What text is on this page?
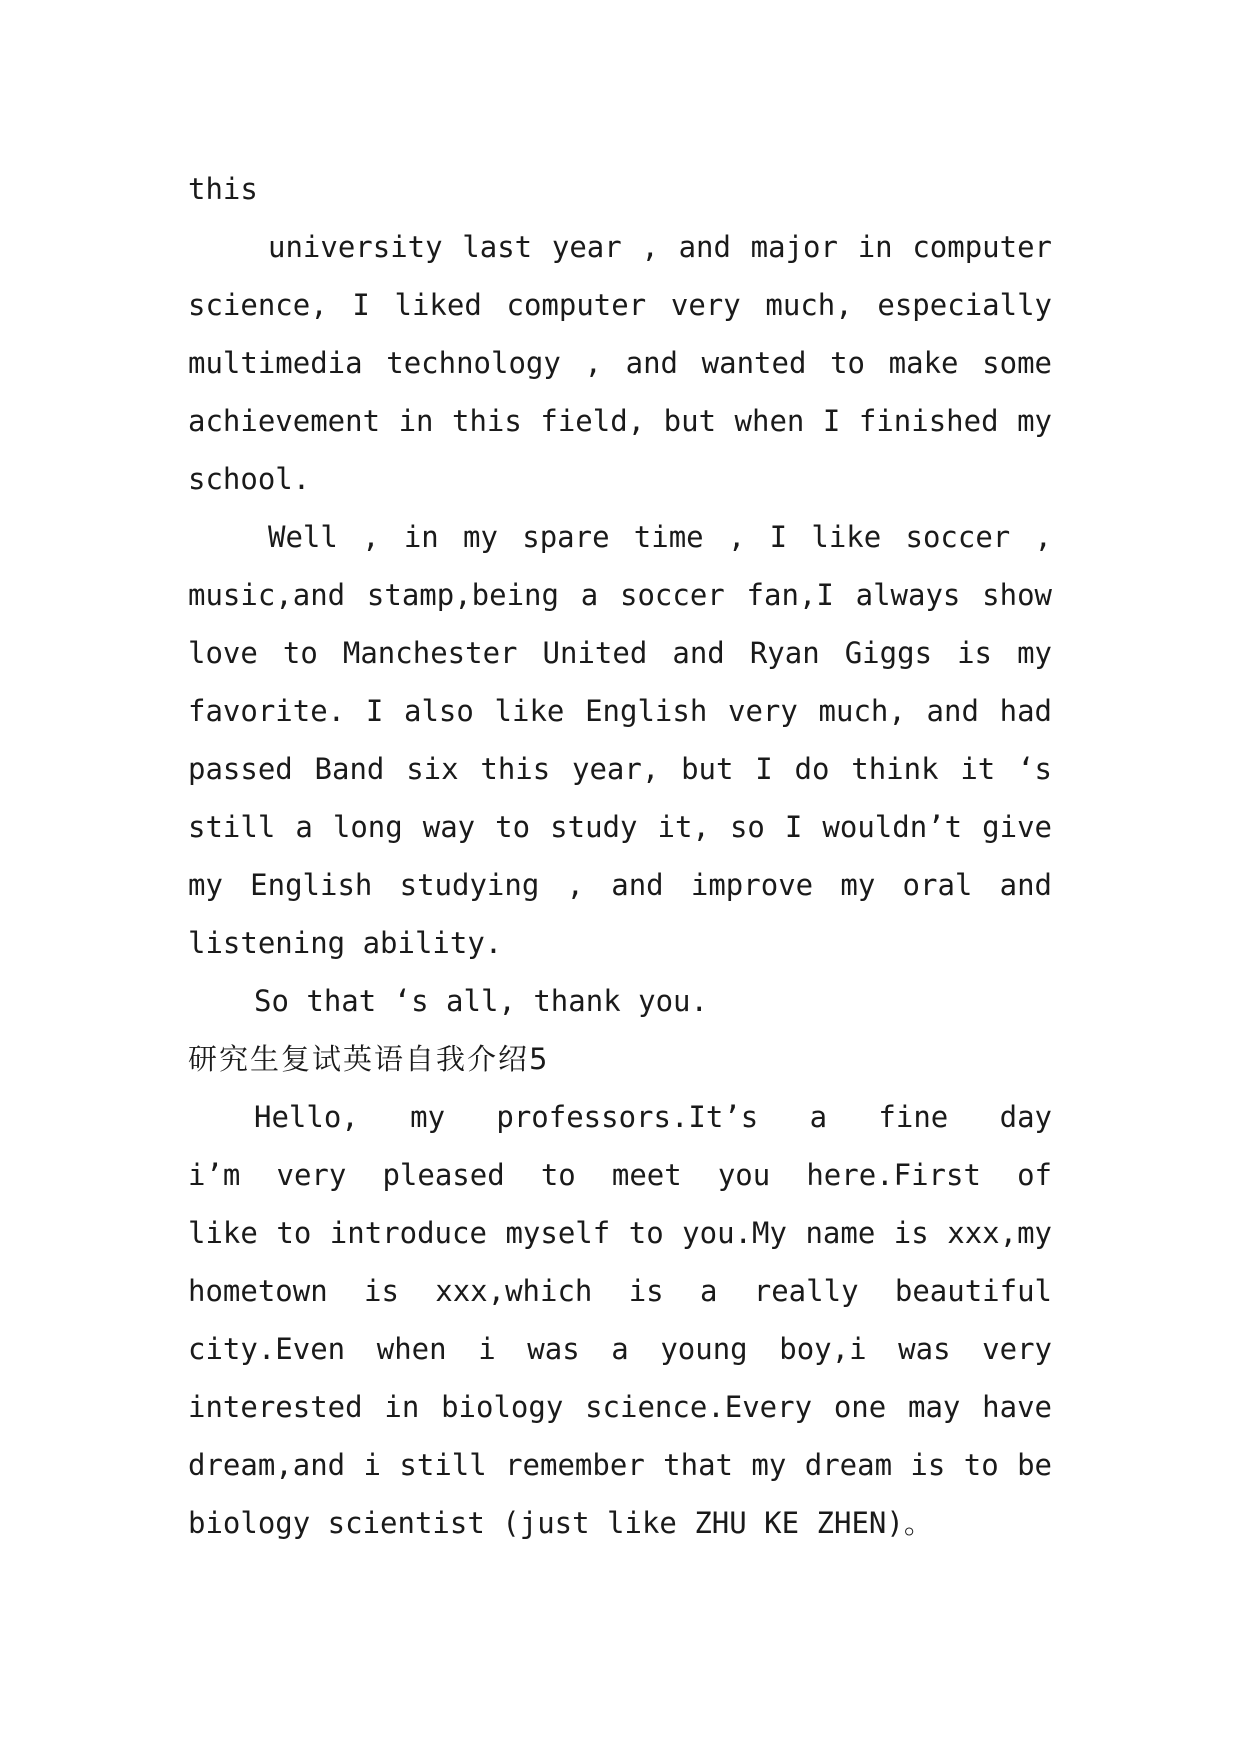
this
university last year , and major in computer
science, I liked computer very much, especially
multimedia technology , and wanted to make some
achievement in this field, but when I finished my
school.
Well , in my spare time , I like soccer ,
music,and stamp,being a soccer fan,I always show
love to Manchester United and Ryan Giggs is my
favorite. I also like English very much, and had
passed Band six this year, but I do think it ‘s
still a long way to study it, so I wouldn’t give
my English studying , and improve my oral and
listening ability.
So that ‘s all, thank you.
研究生复试英语自我介绍5
Hello, my professors.It’s a fine day
i’m very pleased to meet you here.First of
like to introduce myself to you.My name is xxx,my
hometown is xxx,which is a really beautiful
city.Even when i was a young boy,i was very
interested in biology science.Every one may have
dream,and i still remember that my dream is to be
biology scientist (just like ZHU KE ZHEN)。
